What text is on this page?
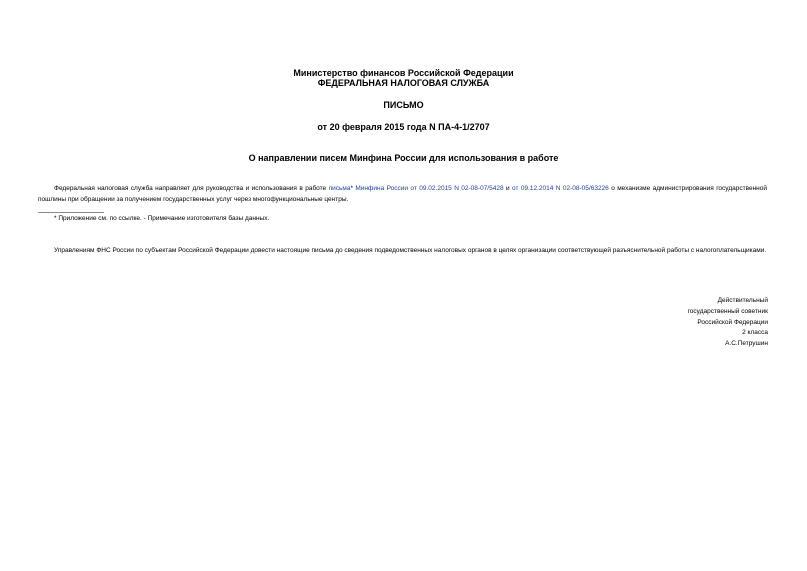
Министерство финансов Российской Федерации

ФЕДЕРАЛЬНАЯ НАЛОГОВАЯ СЛУЖБА

ПИСЬМО

от 20 февраля 2015 года N ПА-4-1/2707

О направлении писем Минфина России для использования в работе

Федеральная налоговая служба направляет для руководства и использования в работе письма* Минфина России от 09.02.2015 N 02-08-07/5428 и от 09.12.2014 N 02-08-05/63226 о механизме администрирования государственной пошлины при обращении за получением государственных услуг через многофункциональные центры.

* Приложение см. по ссылке. - Примечание изготовителя базы данных.

Управлениям ФНС России по субъектам Российской Федерации довести настоящие письма до сведения подведомственных налоговых органов в целях организации соответствующей разъяснительной работы с налогоплательщиками.

Действительный

государственный советник

Российской Федерации

2 класса

А.С.Петрушин
